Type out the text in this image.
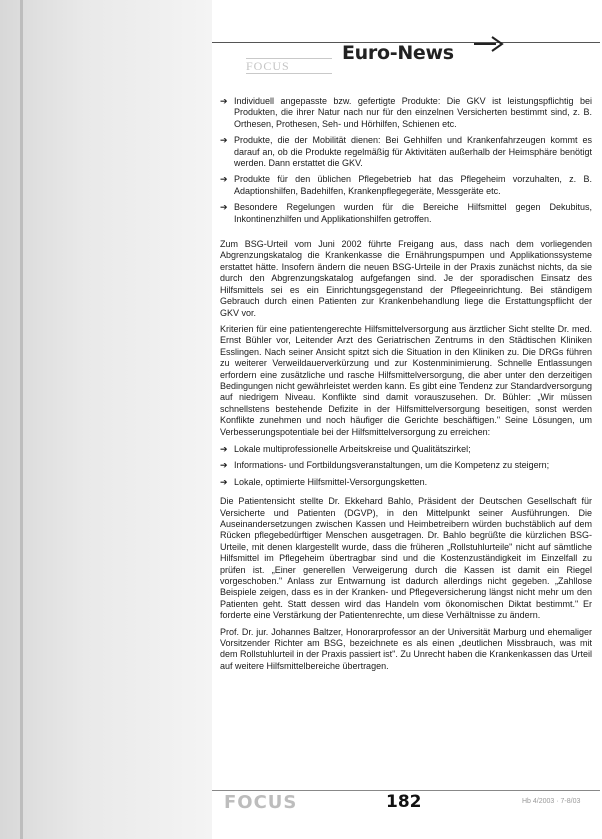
FOCUS
Euro-News
➔ Individuell angepasste bzw. gefertigte Produkte: Die GKV ist leistungspflichtig bei Produkten, die ihrer Natur nach nur für den einzelnen Versicherten bestimmt sind, z. B. Orthesen, Prothesen, Seh- und Hörhilfen, Schienen etc.
➔ Produkte, die der Mobilität dienen: Bei Gehhilfen und Krankenfahrzeugen kommt es darauf an, ob die Produkte regelmäßig für Aktivitäten außerhalb der Heimsphäre benötigt werden. Dann erstattet die GKV.
➔ Produkte für den üblichen Pflegebetrieb hat das Pflegeheim vorzuhalten, z. B. Adaptionshilfen, Badehilfen, Krankenpflegegeräte, Messgeräte etc.
➔ Besondere Regelungen wurden für die Bereiche Hilfsmittel gegen Dekubitus, Inkontinenzhilfen und Applikationshilfen getroffen.

Zum BSG-Urteil vom Juni 2002 führte Freigang aus, dass nach dem vorliegenden Abgrenzungskatalog die Krankenkasse die Ernährungspumpen und Applikationssysteme erstattet hätte. Insofern ändern die neuen BSG-Urteile in der Praxis zunächst nichts, da sie durch den Abgrenzungskatalog aufgefangen sind. Je der sporadischen Einsatz des Hilfsmittels sei es ein Einrichtungsgegenstand der Pflegeeinrichtung. Bei ständigem Gebrauch durch einen Patienten zur Krankenbehandlung liege die Erstattungspflicht der GKV vor.

Kriterien für eine patientengerechte Hilfsmittelversorgung aus ärztlicher Sicht stellte Dr. med. Ernst Bühler vor, Leitender Arzt des Geriatrischen Zentrums in den Städtischen Kliniken Esslingen. Nach seiner Ansicht spitzt sich die Situation in den Kliniken zu. Die DRGs führen zu weiterer Verweildauerverkürzung und zur Kostenminimierung. Schnelle Entlassungen erfordern eine zusätzliche und rasche Hilfsmittelversorgung, die aber unter den derzeitigen Bedingungen nicht gewährleistet werden kann. Es gibt eine Tendenz zur Standardversorgung auf niedrigem Niveau. Konflikte sind damit vorauszusehen. Dr. Bühler: „Wir müssen schnellstens bestehende Defizite in der Hilfsmittelversorgung beseitigen, sonst werden Konflikte zunehmen und noch häufiger die Gerichte beschäftigen." Seine Lösungen, um Verbesserungspotentiale bei der Hilfsmittelversorgung zu erreichen:

➔ Lokale multiprofessionelle Arbeitskreise und Qualitätszirkel;
➔ Informations- und Fortbildungsveranstaltungen, um die Kompetenz zu steigern;
➔ Lokale, optimierte Hilfsmittel-Versorgungsketten.

Die Patientensicht stellte Dr. Ekkehard Bahlo, Präsident der Deutschen Gesellschaft für Versicherte und Patienten (DGVP), in den Mittelpunkt seiner Ausführungen. Die Auseinandersetzungen zwischen Kassen und Heimbetreibern würden buchstäblich auf dem Rücken pflegebedürftiger Menschen ausgetragen. Dr. Bahlo begrüßte die kürzlichen BSG-Urteile, mit denen klargestellt wurde, dass die früheren „Rollstuhlurteile" nicht auf sämtliche Hilfsmittel im Pflegeheim übertragbar sind und die Kostenzuständigkeit im Einzelfall zu prüfen ist. „Einer generellen Verweigerung durch die Kassen ist damit ein Riegel vorgeschoben." Anlass zur Entwarnung ist dadurch allerdings nicht gegeben. „Zahllose Beispiele zeigen, dass es in der Kranken- und Pflegeversicherung längst nicht mehr um den Patienten geht. Statt dessen wird das Handeln vom ökonomischen Diktat bestimmt." Er forderte eine Verstärkung der Patientenrechte, um diese Verhältnisse zu ändern.

Prof. Dr. jur. Johannes Baltzer, Honorarprofessor an der Universität Marburg und ehemaliger Vorsitzender Richter am BSG, bezeichnete es als einen „deutlichen Missbrauch, was mit dem Rollstuhlurteil in der Praxis passiert ist". Zu Unrecht haben die Krankenkassen das Urteil auf weitere Hilfsmittelbereiche übertragen.

FOCUS	182	Hb 4/2003 · 7-8/03
